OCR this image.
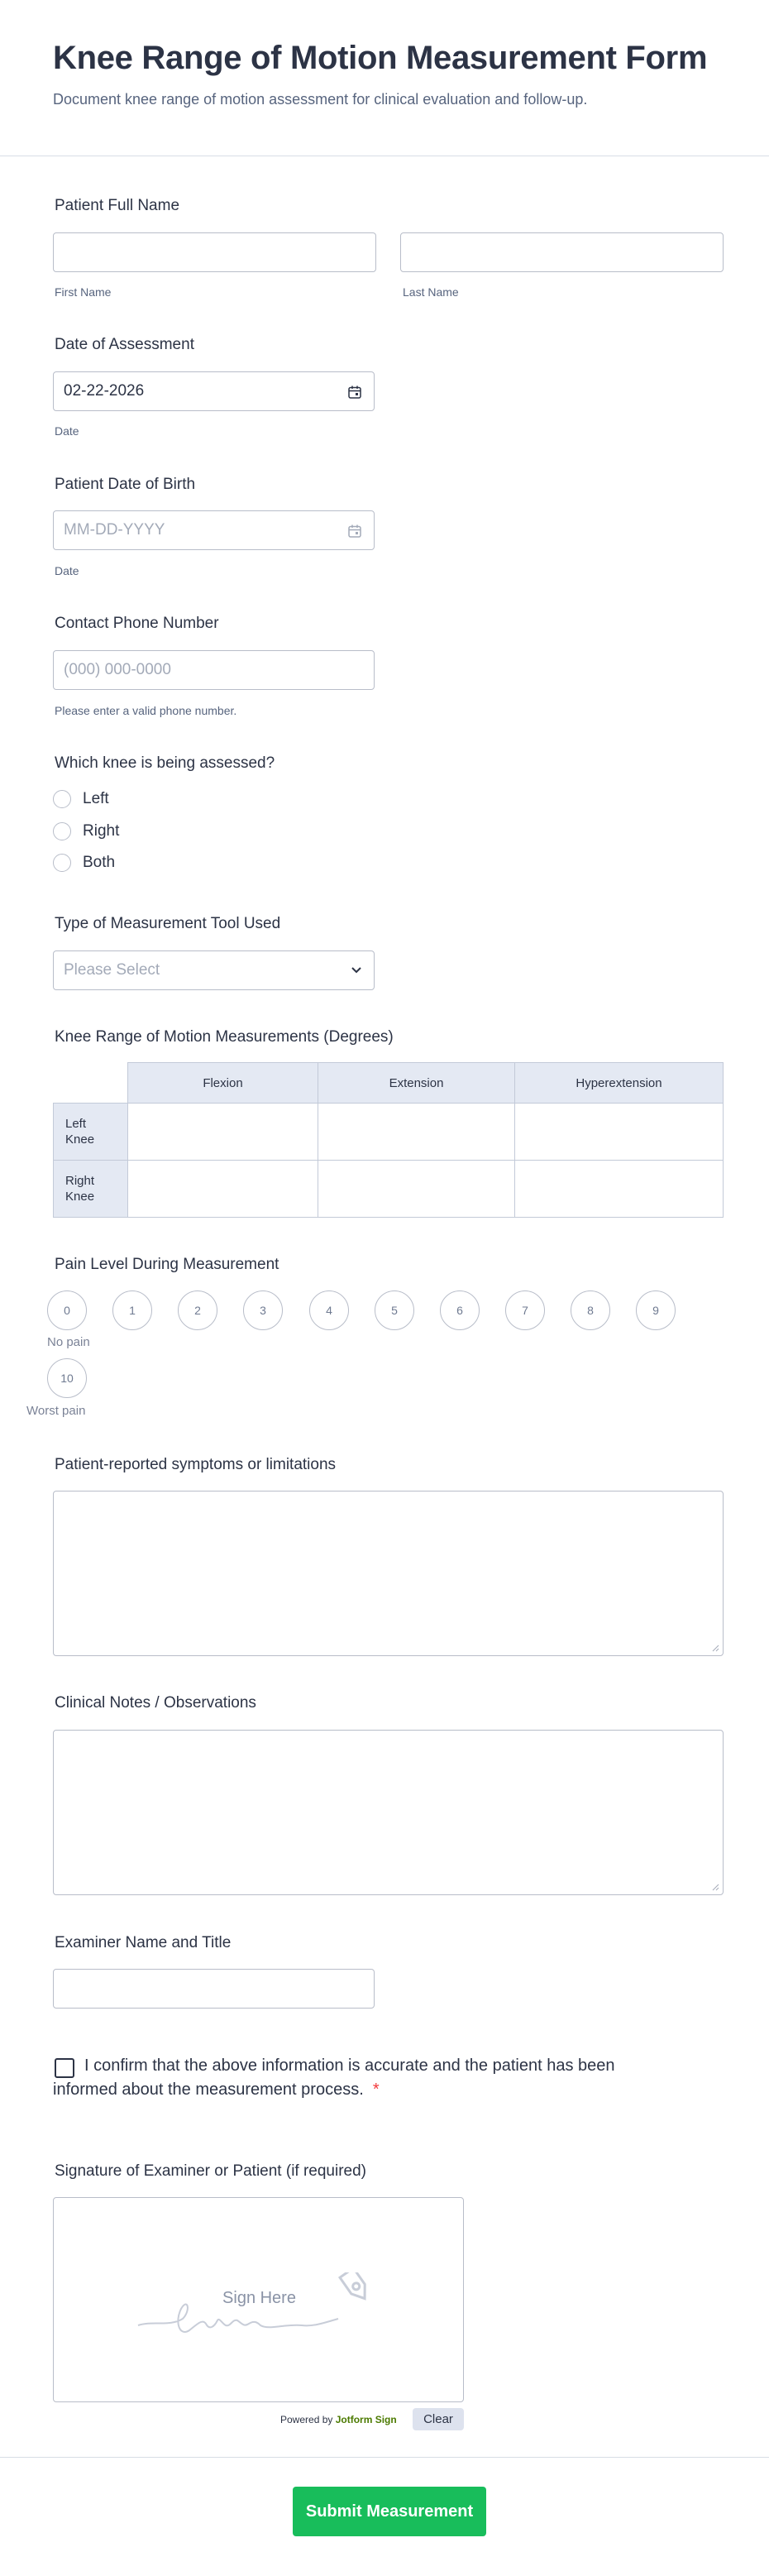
Knee Range of Motion Measurement Form
Document knee range of motion assessment for clinical evaluation and follow-up.
Patient Full Name
First Name	Last Name
Date of Assessment
02-22-2026
Date
Patient Date of Birth
MM-DD-YYYY
Date
Contact Phone Number
(000) 000-0000
Please enter a valid phone number.
Which knee is being assessed?
Left
Right
Both
Type of Measurement Tool Used
Please Select
Knee Range of Motion Measurements (Degrees)
Flexion	Extension	Hyperextension
Left Knee
Right Knee
Pain Level During Measurement
0	1	2	3	4	5	6	7	8	9
No pain
10
Worst pain
Patient-reported symptoms or limitations
Clinical Notes / Observations
Examiner Name and Title
I confirm that the above information is accurate and the patient has been informed about the measurement process. *
Signature of Examiner or Patient (if required)
Sign Here
Powered by Jotform Sign	Clear
Submit Measurement
